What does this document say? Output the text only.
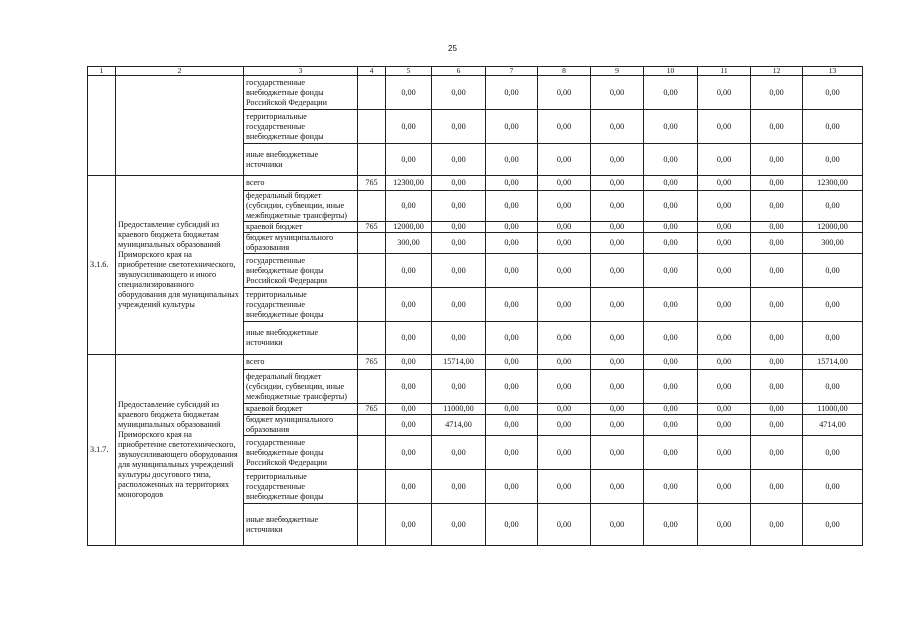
25
1	2	3	4	5	6	7	8	9	10	11	12	13
		государственные внебюджетные фонды Российской Федерации		0,00	0,00	0,00	0,00	0,00	0,00	0,00	0,00	0,00
		территориальные государственные внебюджетные фонды		0,00	0,00	0,00	0,00	0,00	0,00	0,00	0,00	0,00
		иные внебюджетные источники		0,00	0,00	0,00	0,00	0,00	0,00	0,00	0,00	0,00
3.1.6.	Предоставление субсидий из краевого бюджета бюджетам муниципальных образований Приморского края на приобретение светотехнического, звукоусиливающего и иного специализированного оборудования для муниципальных учреждений культуры	всего	765	12300,00	0,00	0,00	0,00	0,00	0,00	0,00	0,00	12300,00
		федеральный бюджет (субсидии, субвенции, иные межбюджетные трансферты)		0,00	0,00	0,00	0,00	0,00	0,00	0,00	0,00	0,00
		краевой бюджет	765	12000,00	0,00	0,00	0,00	0,00	0,00	0,00	0,00	12000,00
		бюджет муниципального образования		300,00	0,00	0,00	0,00	0,00	0,00	0,00	0,00	300,00
		государственные внебюджетные фонды Российской Федерации		0,00	0,00	0,00	0,00	0,00	0,00	0,00	0,00	0,00
		территориальные государственные внебюджетные фонды		0,00	0,00	0,00	0,00	0,00	0,00	0,00	0,00	0,00
		иные внебюджетные источники		0,00	0,00	0,00	0,00	0,00	0,00	0,00	0,00	0,00
3.1.7.	Предоставление субсидий из краевого бюджета бюджетам муниципальных образований Приморского края на приобретение светотехнического, звукоусиливающего оборудования для муниципальных учреждений культуры досугового типа, расположенных на территориях моногородов	всего	765	0,00	15714,00	0,00	0,00	0,00	0,00	0,00	0,00	15714,00
		федеральный бюджет (субсидии, субвенции, иные межбюджетные трансферты)		0,00	0,00	0,00	0,00	0,00	0,00	0,00	0,00	0,00
		краевой бюджет	765	0,00	11000,00	0,00	0,00	0,00	0,00	0,00	0,00	11000,00
		бюджет муниципального образования		0,00	4714,00	0,00	0,00	0,00	0,00	0,00	0,00	4714,00
		государственные внебюджетные фонды Российской Федерации		0,00	0,00	0,00	0,00	0,00	0,00	0,00	0,00	0,00
		территориальные государственные внебюджетные фонды		0,00	0,00	0,00	0,00	0,00	0,00	0,00	0,00	0,00
		иные внебюджетные источники		0,00	0,00	0,00	0,00	0,00	0,00	0,00	0,00	0,00
